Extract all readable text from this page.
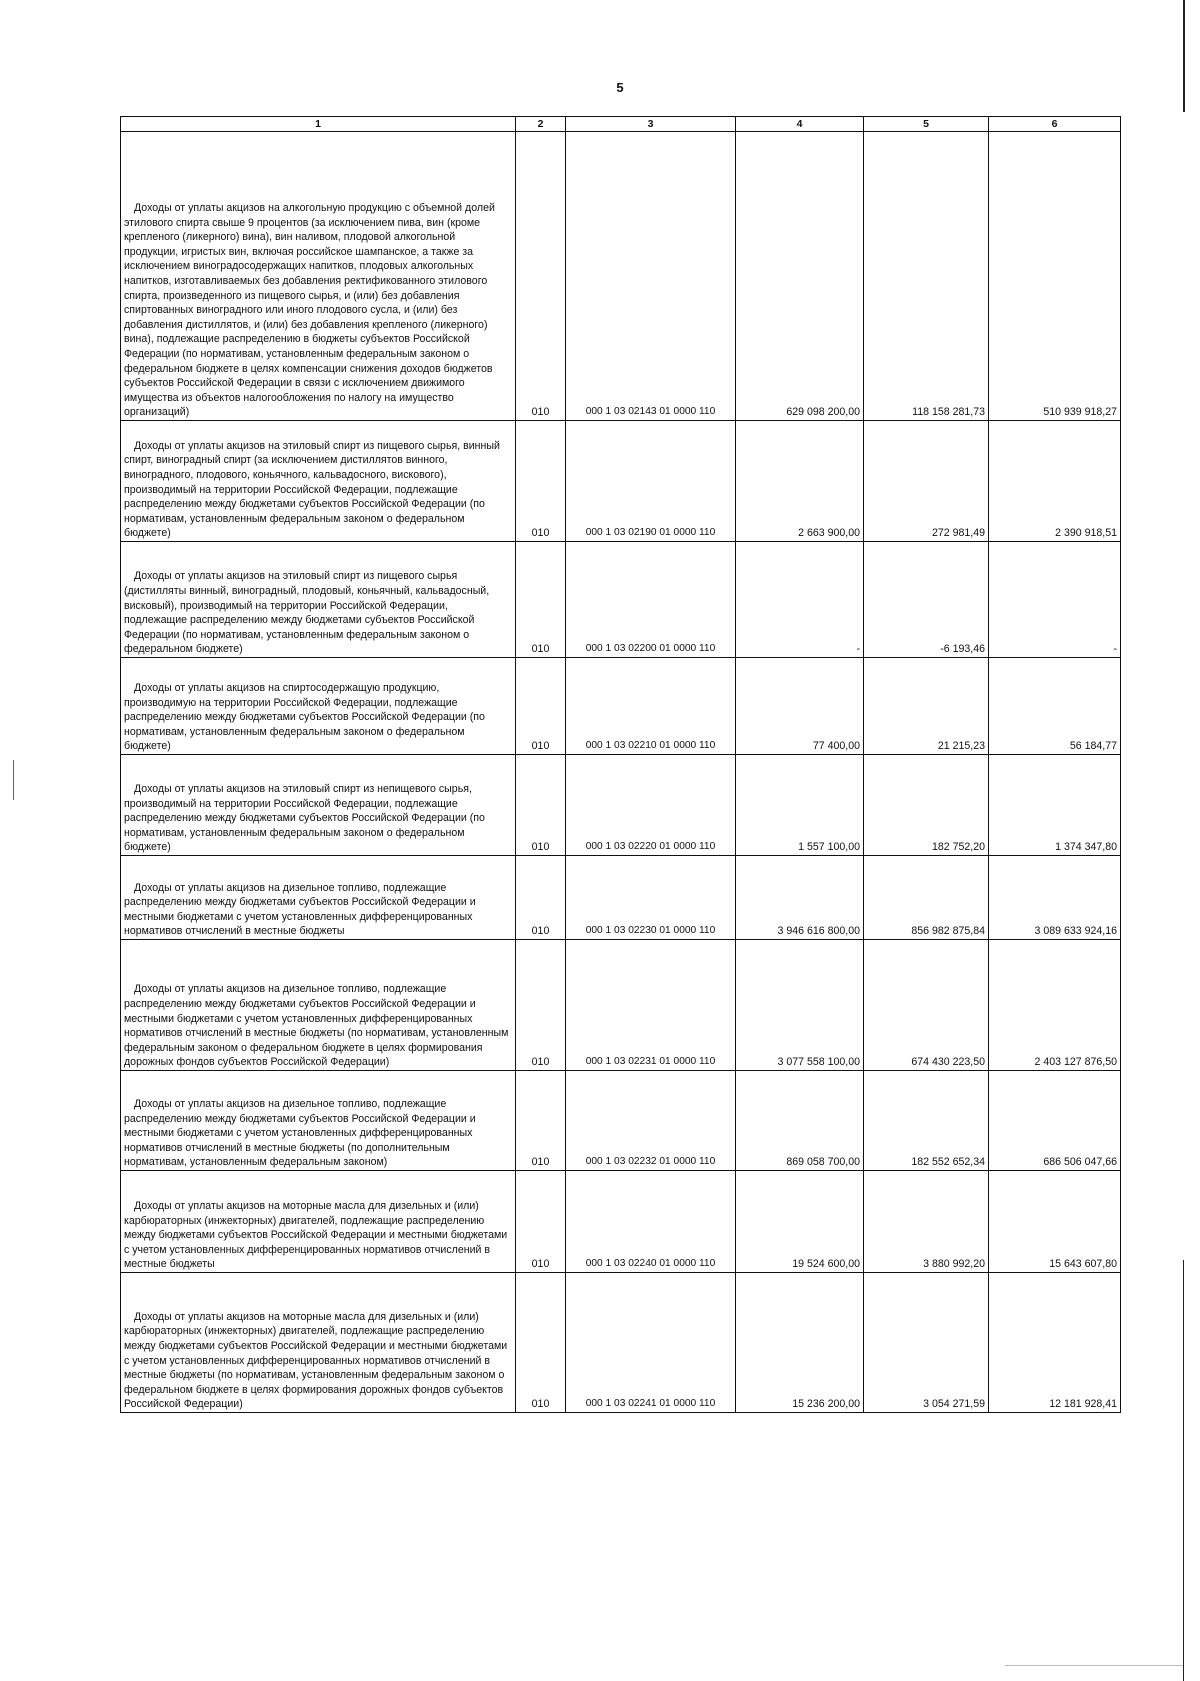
5
1	2	3	4	5	6

Доходы от уплаты акцизов на алкогольную продукцию с объемной долей этилового спирта свыше 9 процентов (за исключением пива, вин (кроме крепленого (ликерного) вина), вин наливом, плодовой алкогольной продукции, игристых вин, включая российское шампанское, а также за исключением виноградосодержащих напитков, плодовых алкогольных напитков, изготавливаемых без добавления ректификованного этилового спирта, произведенного из пищевого сырья, и (или) без добавления спиртованных виноградного или иного плодового сусла, и (или) без добавления дистиллятов, и (или) без добавления крепленого (ликерного) вина), подлежащие распределению в бюджеты субъектов Российской Федерации (по нормативам, установленным федеральным законом о федеральном бюджете в целях компенсации снижения доходов бюджетов субъектов Российской Федерации в связи с исключением движимого имущества из объектов налогообложения по налогу на имущество организаций)	010	000 1 03 02143 01 0000 110	629 098 200,00	118 158 281,73	510 939 918,27

Доходы от уплаты акцизов на этиловый спирт из пищевого сырья, винный спирт, виноградный спирт (за исключением дистиллятов винного, виноградного, плодового, коньячного, кальвадосного, вискового), производимый на территории Российской Федерации, подлежащие распределению между бюджетами субъектов Российской Федерации (по нормативам, установленным федеральным законом о федеральном бюджете)	010	000 1 03 02190 01 0000 110	2 663 900,00	272 981,49	2 390 918,51

Доходы от уплаты акцизов на этиловый спирт из пищевого сырья (дистилляты винный, виноградный, плодовый, коньячный, кальвадосный, висковый), производимый на территории Российской Федерации, подлежащие распределению между бюджетами субъектов Российской Федерации (по нормативам, установленным федеральным законом о федеральном бюджете)	010	000 1 03 02200 01 0000 110	-	-6 193,46	-

Доходы от уплаты акцизов на спиртосодержащую продукцию, производимую на территории Российской Федерации, подлежащие распределению между бюджетами субъектов Российской Федерации (по нормативам, установленным федеральным законом о федеральном бюджете)	010	000 1 03 02210 01 0000 110	77 400,00	21 215,23	56 184,77

Доходы от уплаты акцизов на этиловый спирт из непищевого сырья, производимый на территории Российской Федерации, подлежащие распределению между бюджетами субъектов Российской Федерации (по нормативам, установленным федеральным законом о федеральном бюджете)	010	000 1 03 02220 01 0000 110	1 557 100,00	182 752,20	1 374 347,80

Доходы от уплаты акцизов на дизельное топливо, подлежащие распределению между бюджетами субъектов Российской Федерации и местными бюджетами с учетом установленных дифференцированных нормативов отчислений в местные бюджеты	010	000 1 03 02230 01 0000 110	3 946 616 800,00	856 982 875,84	3 089 633 924,16

Доходы от уплаты акцизов на дизельное топливо, подлежащие распределению между бюджетами субъектов Российской Федерации и местными бюджетами с учетом установленных дифференцированных нормативов отчислений в местные бюджеты (по нормативам, установленным федеральным законом о федеральном бюджете в целях формирования дорожных фондов субъектов Российской Федерации)	010	000 1 03 02231 01 0000 110	3 077 558 100,00	674 430 223,50	2 403 127 876,50

Доходы от уплаты акцизов на дизельное топливо, подлежащие распределению между бюджетами субъектов Российской Федерации и местными бюджетами с учетом установленных дифференцированных нормативов отчислений в местные бюджеты (по дополнительным нормативам, установленным федеральным законом)	010	000 1 03 02232 01 0000 110	869 058 700,00	182 552 652,34	686 506 047,66

Доходы от уплаты акцизов на моторные масла для дизельных и (или) карбюраторных (инжекторных) двигателей, подлежащие распределению между бюджетами субъектов Российской Федерации и местными бюджетами с учетом установленных дифференцированных нормативов отчислений в местные бюджеты	010	000 1 03 02240 01 0000 110	19 524 600,00	3 880 992,20	15 643 607,80

Доходы от уплаты акцизов на моторные масла для дизельных и (или) карбюраторных (инжекторных) двигателей, подлежащие распределению между бюджетами субъектов Российской Федерации и местными бюджетами с учетом установленных дифференцированных нормативов отчислений в местные бюджеты (по нормативам, установленным федеральным законом о федеральном бюджете в целях формирования дорожных фондов субъектов Российской Федерации)	010	000 1 03 02241 01 0000 110	15 236 200,00	3 054 271,59	12 181 928,41
